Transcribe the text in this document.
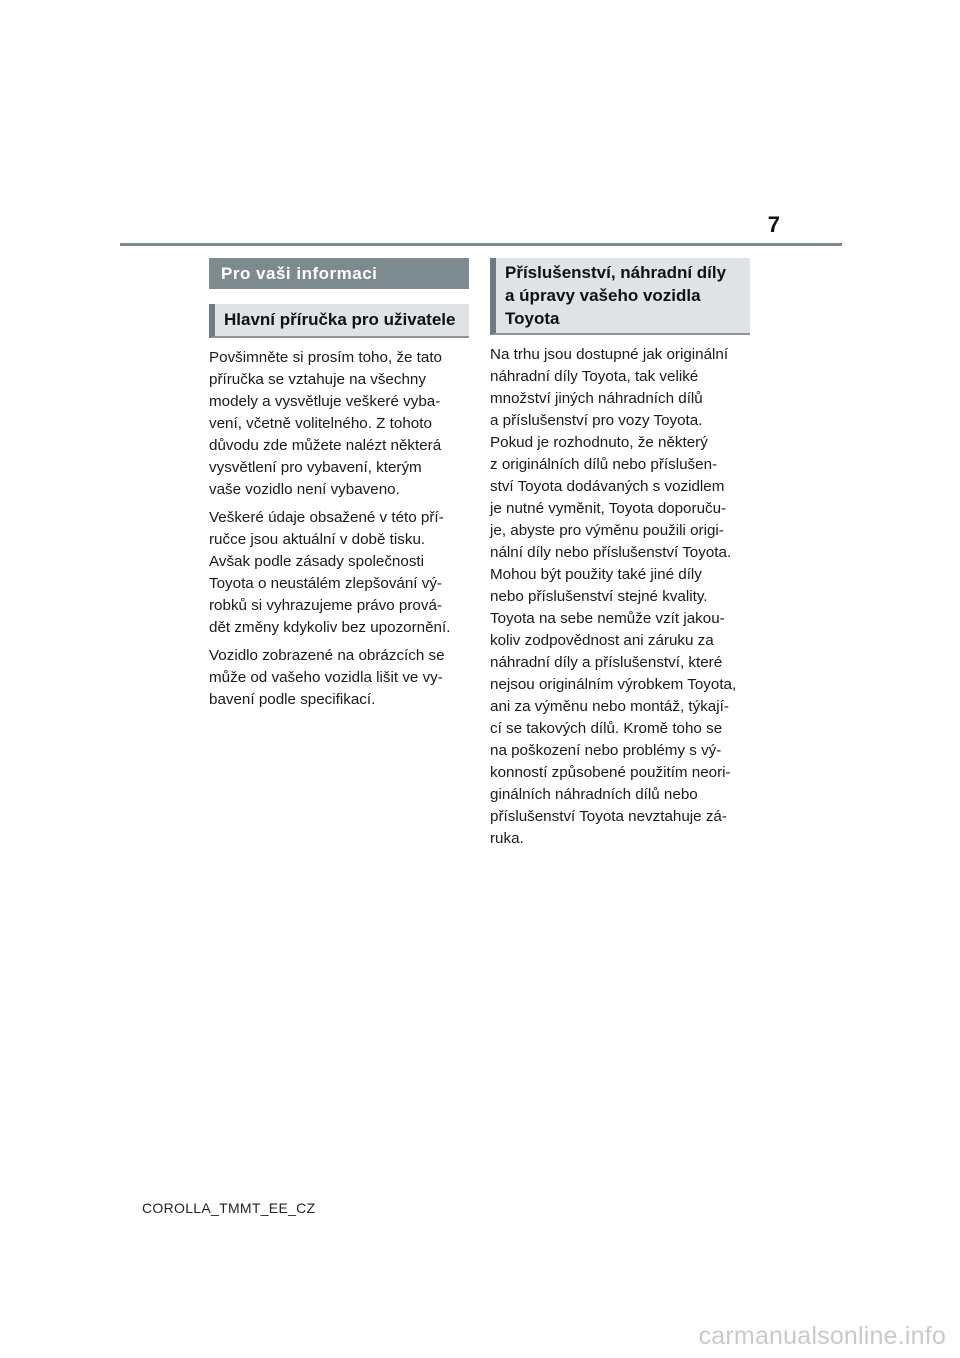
7
Pro vaši informaci
Hlavní příručka pro uživatele

Povšimněte si prosím toho, že tato
příručka se vztahuje na všechny
modely a vysvětluje veškeré vyba-
vení, včetně volitelného. Z tohoto
důvodu zde můžete nalézt některá
vysvětlení pro vybavení, kterým
vaše vozidlo není vybaveno.

Veškeré údaje obsažené v této pří-
ručce jsou aktuální v době tisku.
Avšak podle zásady společnosti
Toyota o neustálém zlepšování vý-
robků si vyhrazujeme právo prová-
dět změny kdykoliv bez upozornění.

Vozidlo zobrazené na obrázcích se
může od vašeho vozidla lišit ve vy-
bavení podle specifikací.

Příslušenství, náhradní díly
a úpravy vašeho vozidla
Toyota

Na trhu jsou dostupné jak originální
náhradní díly Toyota, tak veliké
množství jiných náhradních dílů
a příslušenství pro vozy Toyota.
Pokud je rozhodnuto, že některý
z originálních dílů nebo příslušen-
ství Toyota dodávaných s vozidlem
je nutné vyměnit, Toyota doporuču-
je, abyste pro výměnu použili origi-
nální díly nebo příslušenství Toyota.
Mohou být použity také jiné díly
nebo příslušenství stejné kvality.
Toyota na sebe nemůže vzít jakou-
koliv zodpovědnost ani záruku za
náhradní díly a příslušenství, které
nejsou originálním výrobkem Toyota,
ani za výměnu nebo montáž, týkají-
cí se takových dílů. Kromě toho se
na poškození nebo problémy s vý-
konností způsobené použitím neori-
ginálních náhradních dílů nebo
příslušenství Toyota nevztahuje zá-
ruka.

COROLLA_TMMT_EE_CZ
carmanualsonline.info
